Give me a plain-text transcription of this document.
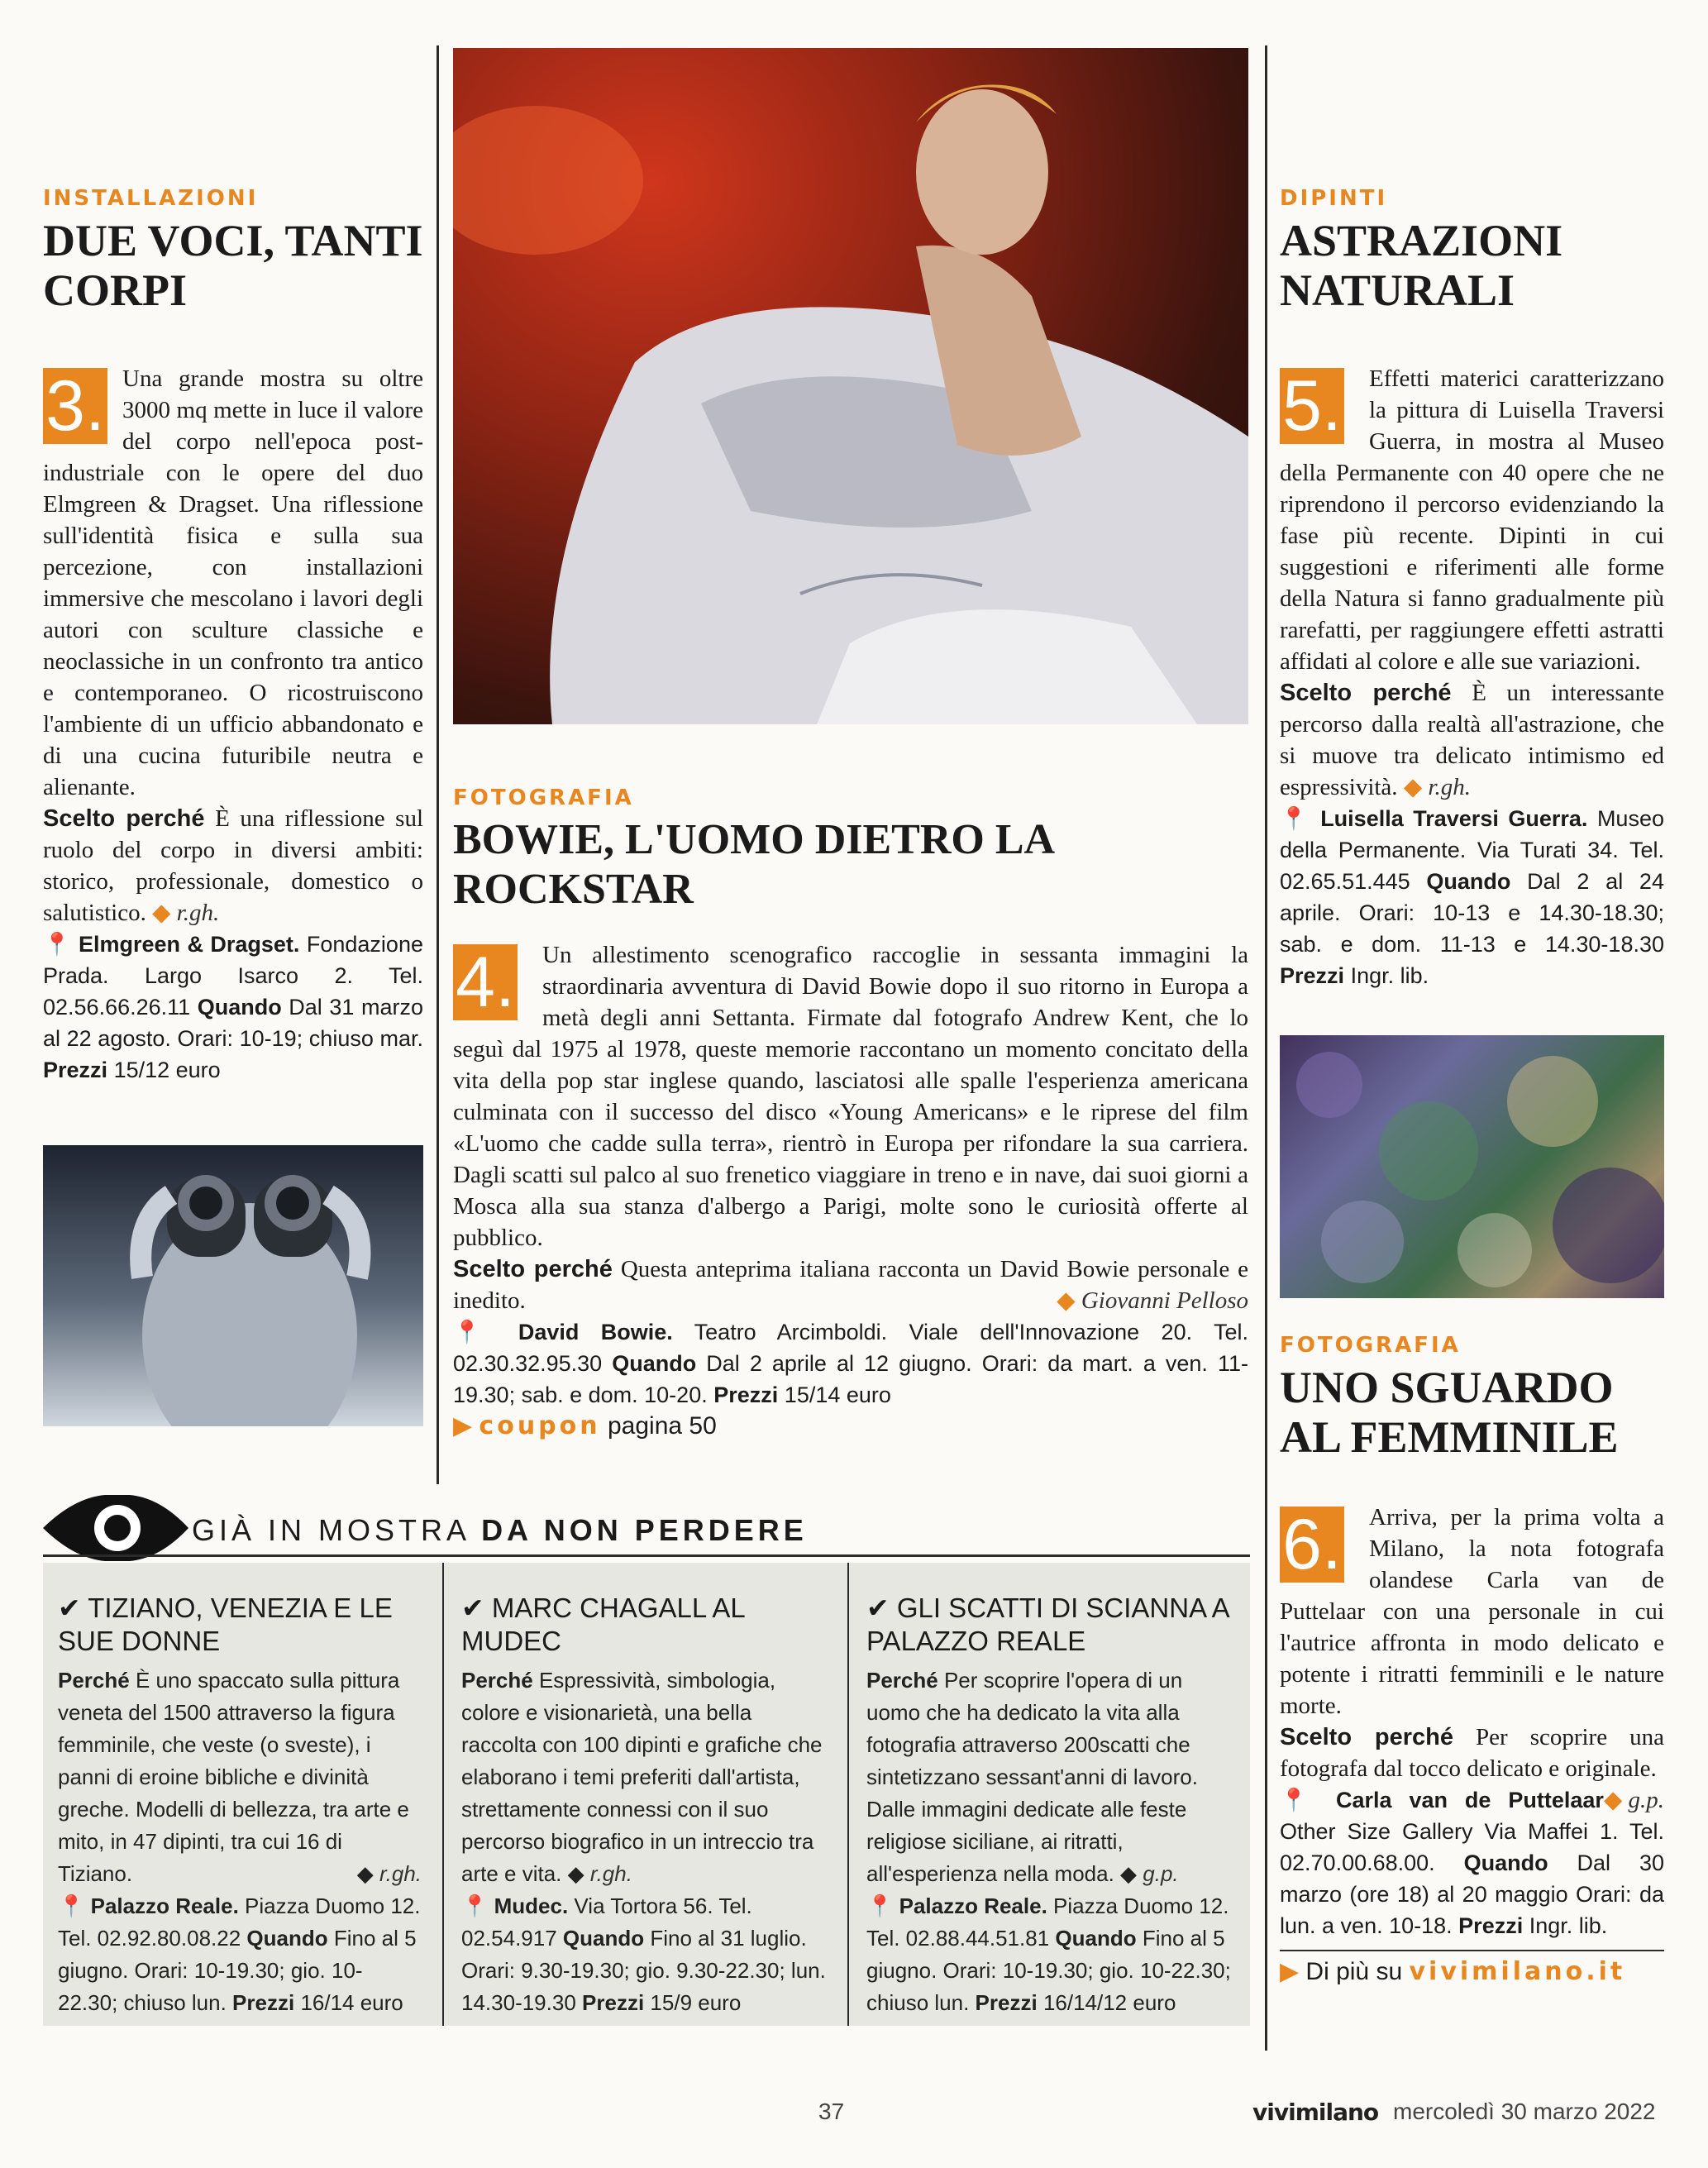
INSTALLAZIONI
DUE VOCI, TANTI CORPI

3. Una grande mostra su oltre 3000 mq mette in luce il valore del corpo nell'epoca post-industriale con le opere del duo Elmgreen & Dragset. Una riflessione sull'identità fisica e sulla sua percezione, con installazioni immersive che mescolano i lavori degli autori con sculture classiche e neoclassiche in un confronto tra antico e contemporaneo. O ricostruiscono l'ambiente di un ufficio abbandonato e di una cucina futuribile neutra e alienante.

Scelto perché È una riflessione sul ruolo del corpo in diversi ambiti: storico, professionale, domestico o salutistico. ◆ r.gh.

📍 Elmgreen & Dragset. Fondazione Prada. Largo Isarco 2. Tel. 02.56.66.26.11 Quando Dal 31 marzo al 22 agosto. Orari: 10-19; chiuso mar. Prezzi 15/12 euro

FOTOGRAFIA
BOWIE, L'UOMO DIETRO LA ROCKSTAR

4. Un allestimento scenografico raccoglie in sessanta immagini la straordinaria avventura di David Bowie dopo il suo ritorno in Europa a metà degli anni Settanta. Firmate dal fotografo Andrew Kent, che lo seguì dal 1975 al 1978, queste memorie raccontano un momento concitato della vita della pop star inglese quando, lasciatosi alle spalle l'esperienza americana culminata con il successo del disco «Young Americans» e le riprese del film «L'uomo che cadde sulla terra», rientrò in Europa per rifondare la sua carriera. Dagli scatti sul palco al suo frenetico viaggiare in treno e in nave, dai suoi giorni a Mosca alla sua stanza d'albergo a Parigi, molte sono le curiosità offerte al pubblico.

Scelto perché Questa anteprima italiana racconta un David Bowie personale e inedito.	◆ Giovanni Pelloso

📍 David Bowie. Teatro Arcimboldi. Viale dell'Innovazione 20. Tel. 02.30.32.95.30 Quando Dal 2 aprile al 12 giugno. Orari: da mart. a ven. 11-19.30; sab. e dom. 10-20. Prezzi 15/14 euro

▶ coupon pagina 50

DIPINTI
ASTRAZIONI NATURALI

5. Effetti materici caratterizzano la pittura di Luisella Traversi Guerra, in mostra al Museo della Permanente con 40 opere che ne riprendono il percorso evidenziando la fase più recente. Dipinti in cui suggestioni e riferimenti alle forme della Natura si fanno gradualmente più rarefatti, per raggiungere effetti astratti affidati al colore e alle sue variazioni.

Scelto perché È un interessante percorso dalla realtà all'astrazione, che si muove tra delicato intimismo ed espressività. ◆ r.gh.

📍 Luisella Traversi Guerra. Museo della Permanente. Via Turati 34. Tel. 02.65.51.445 Quando Dal 2 al 24 aprile. Orari: 10-13 e 14.30-18.30; sab. e dom. 11-13 e 14.30-18.30 Prezzi Ingr. lib.

FOTOGRAFIA
UNO SGUARDO AL FEMMINILE

6. Arriva, per la prima volta a Milano, la nota fotografa olandese Carla van de Puttelaar con una personale in cui l'autrice affronta in modo delicato e potente i ritratti femminili e le nature morte.

Scelto perché Per scoprire una fotografa dal tocco delicato e originale.
◆ g.p.

📍 Carla van de Puttelaar Other Size Gallery Via Maffei 1. Tel. 02.70.00.68.00. Quando Dal 30 marzo (ore 18) al 20 maggio Orari: da lun. a ven. 10-18. Prezzi Ingr. lib.

▶ Di più su vivimilano.it
GIÀ IN MOSTRA DA NON PERDERE

✔ TIZIANO, VENEZIA E LE SUE DONNE

Perché È uno spaccato sulla pittura veneta del 1500 attraverso la figura femminile, che veste (o sveste), i panni di eroine bibliche e divinità greche. Modelli di bellezza, tra arte e mito, in 47 dipinti, tra cui 16 di Tiziano.	◆ r.gh.

📍 Palazzo Reale. Piazza Duomo 12. Tel. 02.92.80.08.22 Quando Fino al 5 giugno. Orari: 10-19.30; gio. 10-22.30; chiuso lun. Prezzi 16/14 euro

✔ MARC CHAGALL AL MUDEC

Perché Espressività, simbologia, colore e visionarietà, una bella raccolta con 100 dipinti e grafiche che elaborano i temi preferiti dall'artista, strettamente connessi con il suo percorso biografico in un intreccio tra arte e vita. ◆ r.gh.

📍 Mudec. Via Tortora 56. Tel. 02.54.917 Quando Fino al 31 luglio. Orari: 9.30-19.30; gio. 9.30-22.30; lun. 14.30-19.30 Prezzi 15/9 euro

✔ GLI SCATTI DI SCIANNA A PALAZZO REALE

Perché Per scoprire l'opera di un uomo che ha dedicato la vita alla fotografia attraverso 200scatti che sintetizzano sessant'anni di lavoro. Dalle immagini dedicate alle feste religiose siciliane, ai ritratti, all'esperienza nella moda. ◆ g.p.

📍 Palazzo Reale. Piazza Duomo 12. Tel. 02.88.44.51.81 Quando Fino al 5 giugno. Orari: 10-19.30; gio. 10-22.30; chiuso lun. Prezzi 16/14/12 euro

37	vivimilano mercoledì 30 marzo 2022
